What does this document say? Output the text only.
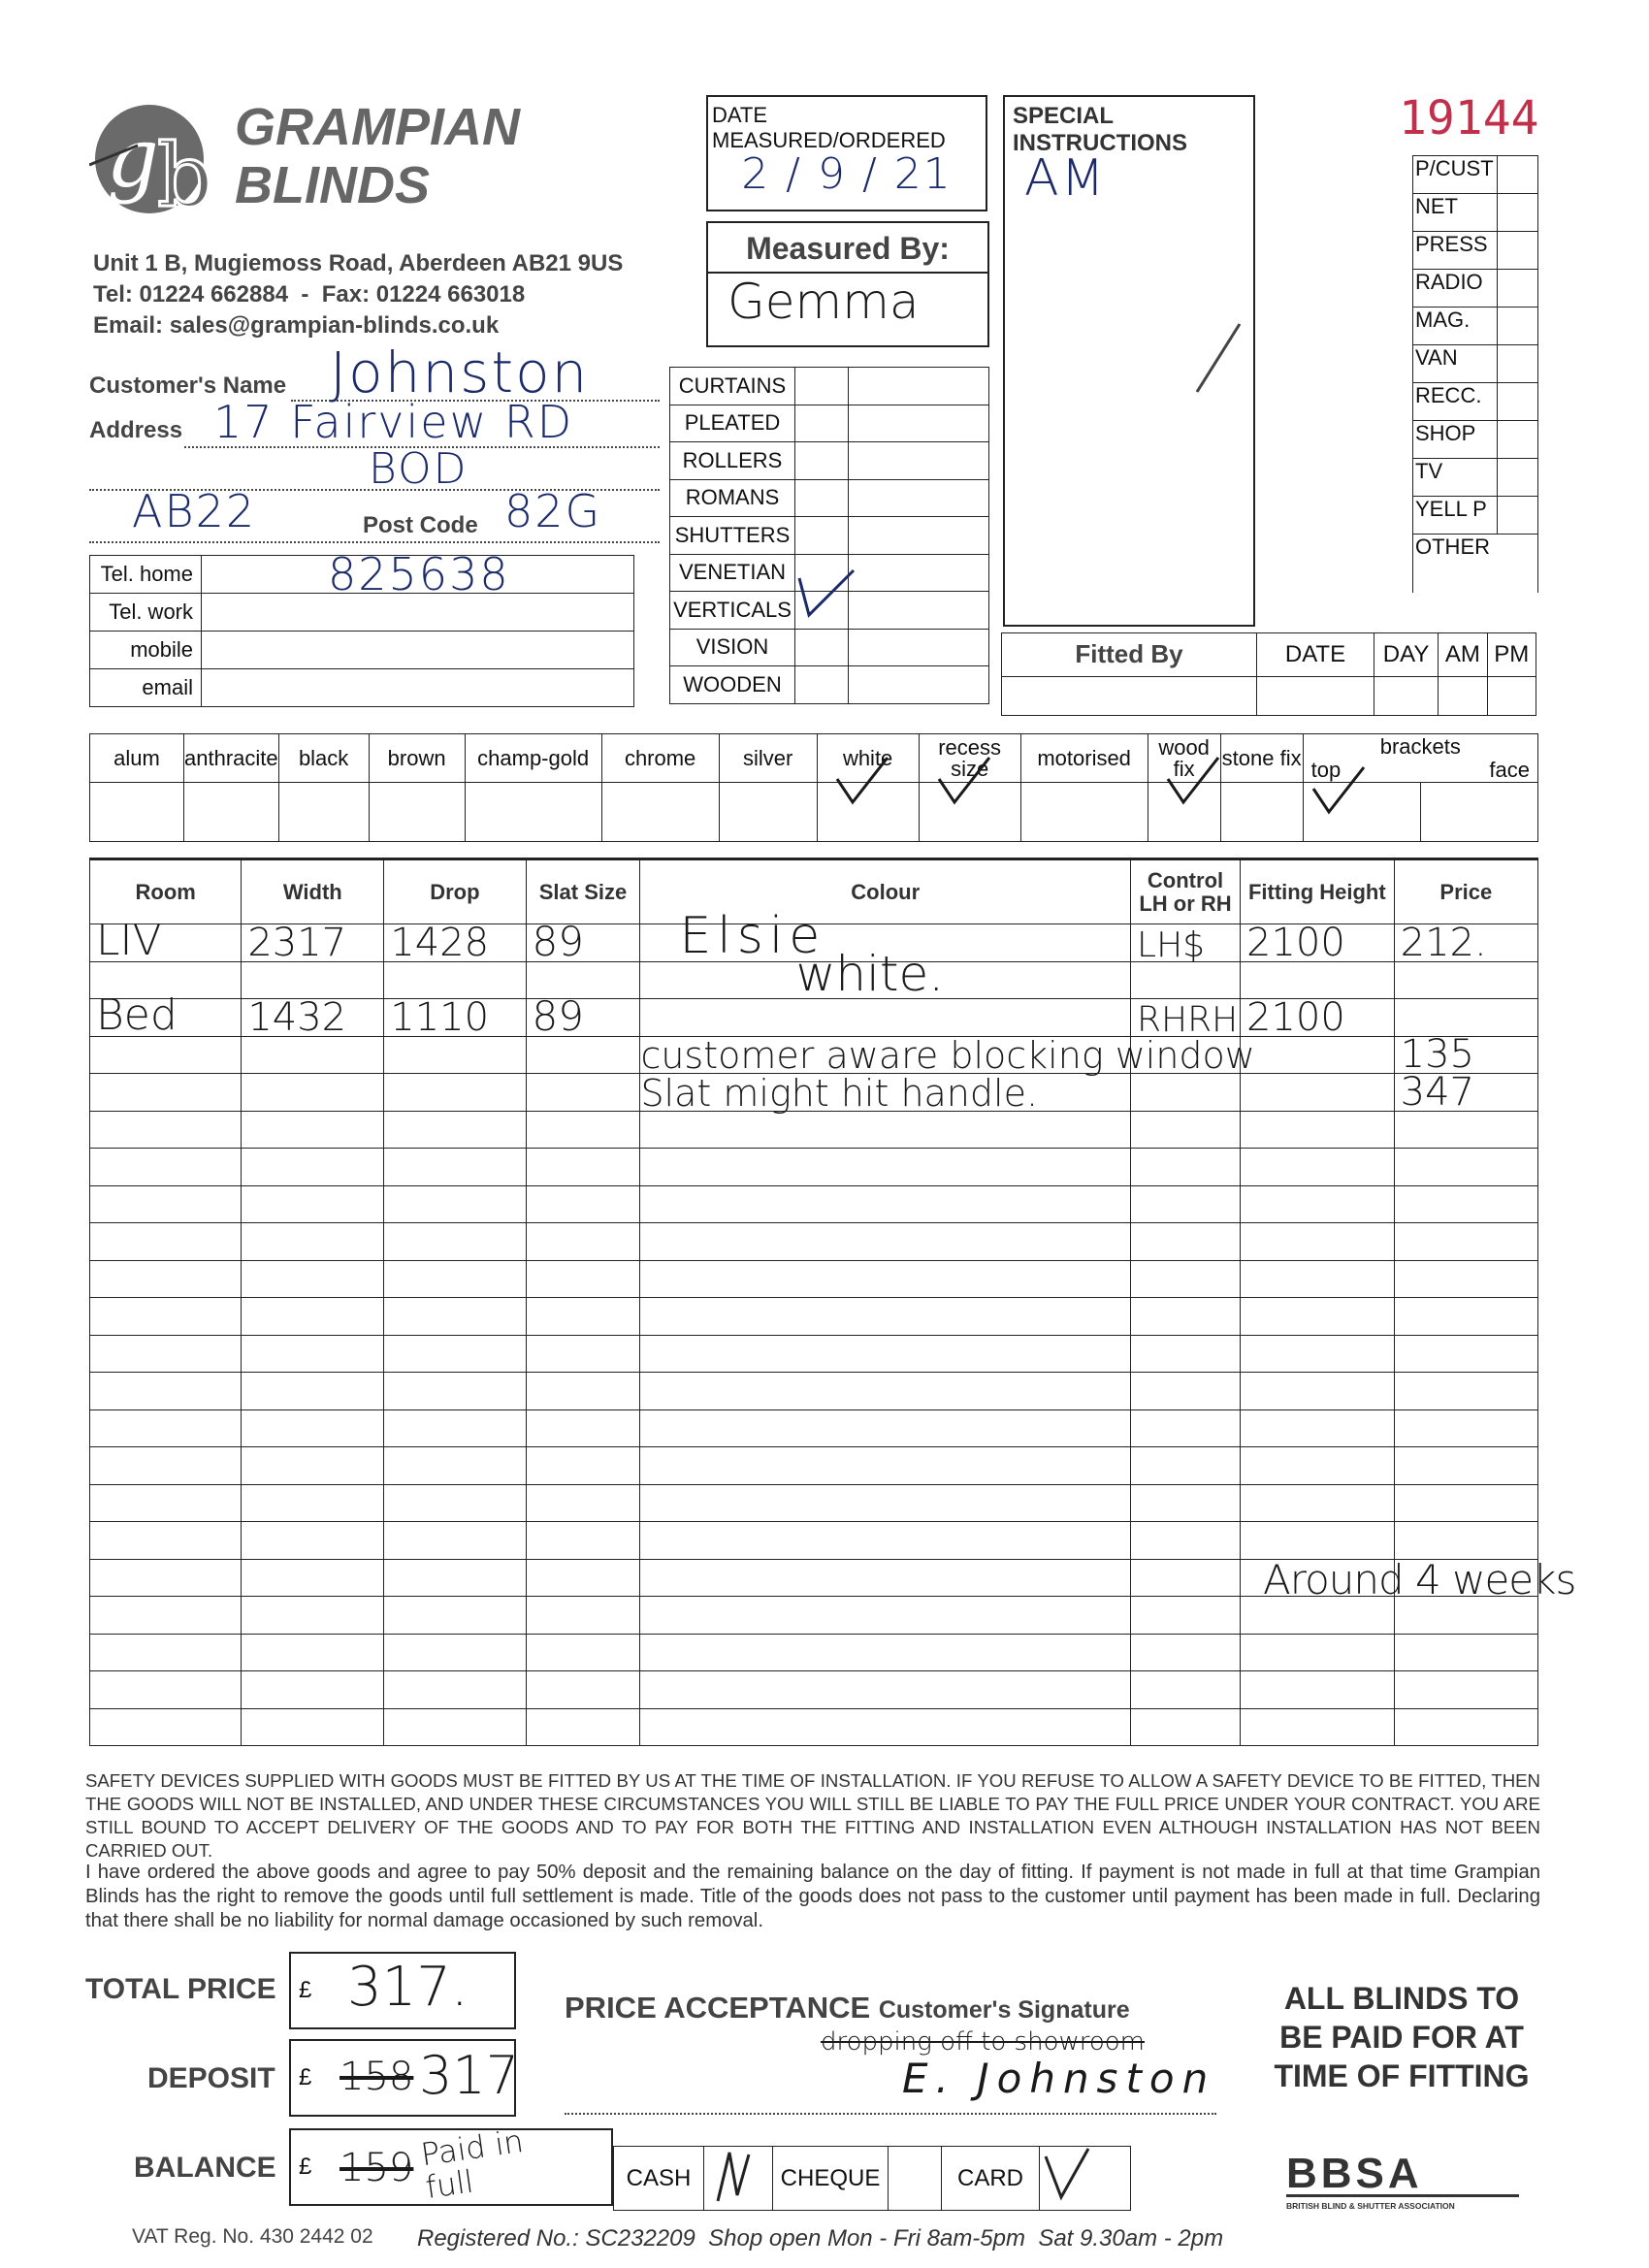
g
b GRAMPIAN
BLINDS
Unit 1 B, Mugiemoss Road, Aberdeen AB21 9US
Tel: 01224 662884  -  Fax: 01224 663018
Email: sales@grampian-blinds.co.uk
DATE
MEASURED/ORDERED
2 / 9 / 21
Measured By:
Gemma
SPECIAL INSTRUCTIONS
AM
19144
P/CUST	
NET	
PRESS	
RADIO	
MAG.	
VAN	
RECC.	
SHOP	
TV	
YELL P	
OTHER	
Customer's Name Johnston
Address 17 Fairview RD
BOD
AB22	Post Code 82G
Tel. home	825638
Tel. work	
mobile	
email	
CURTAINS		
PLEATED		
ROLLERS		
ROMANS		
SHUTTERS		
VENETIAN		
VERTICALS	

VISION		
WOODEN		
Fitted By	DATE	DAY	AM	PM

alum	anthracite	black	brown	champ-gold	chrome	silver	white	recess size	motorised	wood fix	stone fix	brackets
top face

Room	Width	Drop	Slat Size	Colour	Control LH or RH	Fitting Height	Price

LIV	2317	1428	89	Elsie	LH$	2100	212.

				white.			

Bed	1432	1110	89		RHRH	2100	

				customer aware blocking window			135

				Slat might hit handle.			347

Around 4 weeks
SAFETY DEVICES SUPPLIED WITH GOODS MUST BE FITTED BY US AT THE TIME OF INSTALLATION. IF YOU REFUSE TO ALLOW A SAFETY DEVICE TO BE FITTED, THEN THE GOODS WILL NOT BE INSTALLED, AND UNDER THESE CIRCUMSTANCES YOU WILL STILL BE LIABLE TO PAY THE FULL PRICE UNDER YOUR CONTRACT. YOU ARE STILL BOUND TO ACCEPT DELIVERY OF THE GOODS AND TO PAY FOR BOTH THE FITTING AND INSTALLATION EVEN ALTHOUGH INSTALLATION HAS NOT BEEN CARRIED OUT.
I have ordered the above goods and agree to pay 50% deposit and the remaining balance on the day of fitting. If payment is not made in full at that time Grampian Blinds has the right to remove the goods until full settlement is made. Title of the goods does not pass to the customer until payment has been made in full. Declaring that there shall be no liability for normal damage occasioned by such removal.
TOTAL PRICE £ 317.
DEPOSIT £ 158 317
BALANCE £ 159 Paid in full	CASH		CHEQUE		CARD	
PRICE ACCEPTANCE Customer's Signature
dropping off to showroom
E. Johnston
ALL BLINDS TO BE PAID FOR AT TIME OF FITTING
BBSA
BRITISH BLIND & SHUTTER ASSOCIATION
VAT Reg. No. 430 2442 02 Registered No.: SC232209  Shop open Mon - Fri 8am-5pm  Sat 9.30am - 2pm
